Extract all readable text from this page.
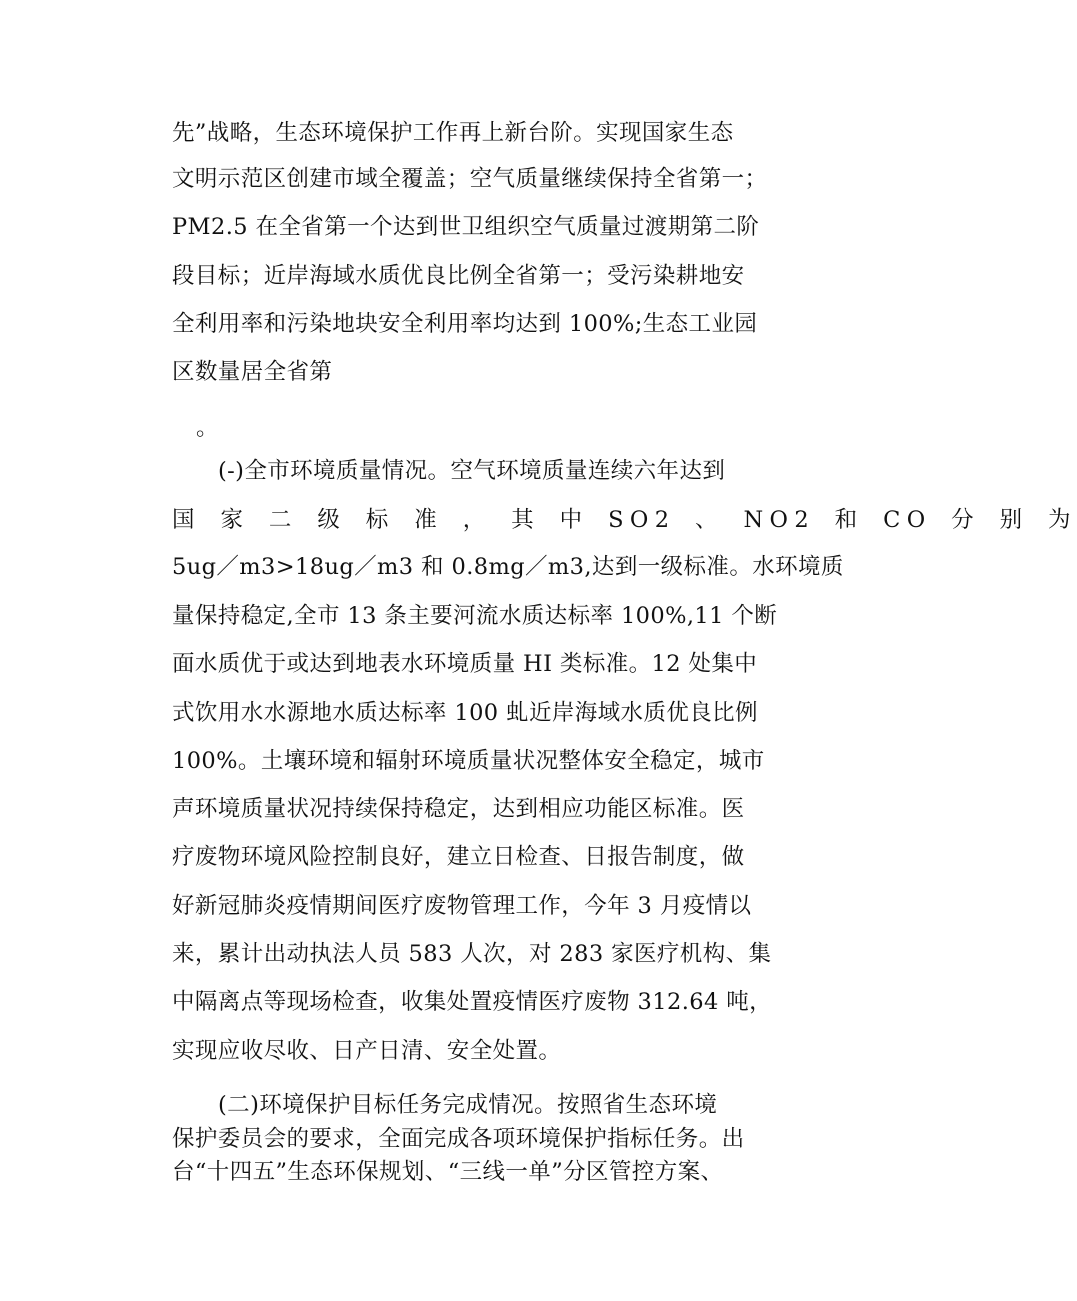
先”战略，生态环境保护工作再上新台阶。实现国家生态
文明示范区创建市域全覆盖；空气质量继续保持全省第一；
PM2.5 在全省第一个达到世卫组织空气质量过渡期第二阶
段目标；近岸海域水质优良比例全省第一；受污染耕地安
全利用率和污染地块安全利用率均达到 100%;生态工业园
区数量居全省第
。
(-)全市环境质量情况。空气环境质量连续六年达到
国 家 二 级 标 准 ， 其 中 SO2 、 NO2 和 CO 分 别 为
5ug／m3>18ug／m3 和 0.8mg／m3,达到一级标准。水环境质
量保持稳定,全市 13 条主要河流水质达标率 100%,11 个断
面水质优于或达到地表水环境质量 HI 类标准。12 处集中
式饮用水水源地水质达标率 100 虬近岸海域水质优良比例
100%。土壤环境和辐射环境质量状况整体安全稳定，城市
声环境质量状况持续保持稳定，达到相应功能区标准。医
疗废物环境风险控制良好，建立日检查、日报告制度，做
好新冠肺炎疫情期间医疗废物管理工作，今年 3 月疫情以
来，累计出动执法人员 583 人次，对 283 家医疗机构、集
中隔离点等现场检查，收集处置疫情医疗废物 312.64 吨，
实现应收尽收、日产日清、安全处置。
(二)环境保护目标任务完成情况。按照省生态环境
保护委员会的要求，全面完成各项环境保护指标任务。出
台“十四五”生态环保规划、“三线一单”分区管控方案、
